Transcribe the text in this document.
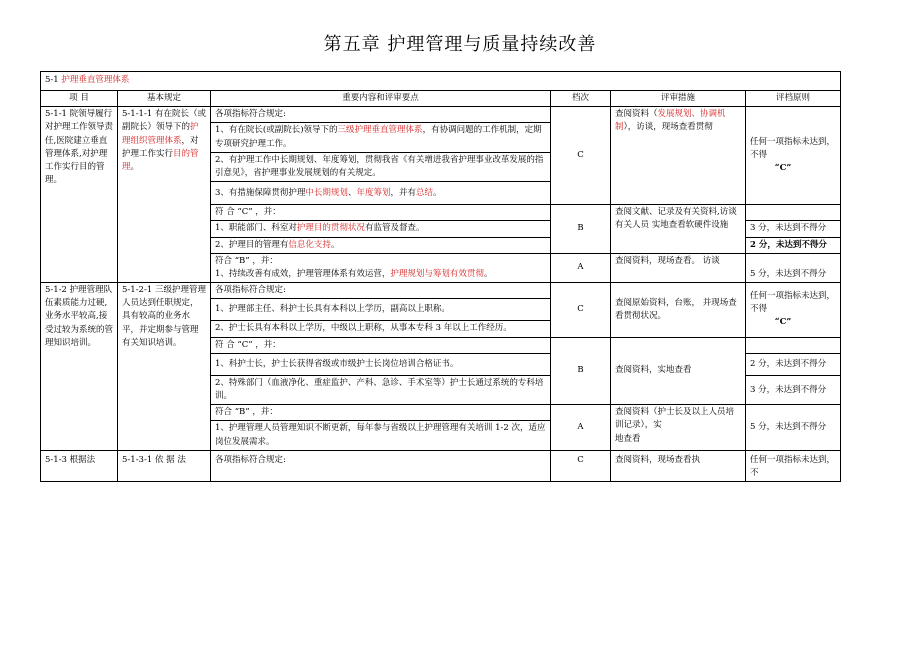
第五章 护理管理与质量持续改善
5-1 护理垂直管理体系					
项 目	基本规定	重要内容和评审要点	档次	评审措施	评档原则
5-1-1 院领导履行对护理工作领导责任,医院建立垂直管理体系,对护理工作实行目的管理。	5-1-1-1 有在院长（或副院长）领导下的护理组织管理体系，对护理工作实行目的管理。	各项指标符合规定:	C	查阅资料（发展规划、协调机制），访谈，现场查看贯彻	任何一项指标未达到，不得
“C”

		1、有在院长(或副院长)领导下的三级护理垂直管理体系，有协调问题的工作机制，定期专项研究护理工作。			
		2、有护理工作中长期规划、年度筹划，贯彻我省《有关增进我省护理事业改革发展的指引意见》，省护理事业发展规划的有关规定。			
		3、有措施保障贯彻护理中长期规划、年度筹划，并有总结。			
		符 合 “C” ，并：	B	查阅文献、记录及有关资料,访谈有关人员 实地查看软硬件设施	
		1、职能部门、科室对护理目的贯彻状况有监管及督查。			3 分，未达到不得分
		2、护理目的管理有信息化支持。			2 分，未达到不得分
		符合 “B” ，并：
1、持续改善有成效，护理管理体系有效运营，护理规划与筹划有效贯彻。	A	查阅资料，现场查看。 访谈	5 分，未达到不得分
5-1-2 护理管理队伍素质能力过硬,业务水平较高,接受过较为系统的管理知识培训。	5-1-2-1 三级护理管理人员达到任职规定，具有较高的业务水平，并定期参与管理有关知识培训。	各项指标符合规定:	C	查阅原始资料，台账， 并现场查看贯彻状况。	任何一项指标未达到，不得
“C”

		1、护理部主任、科护士长具有本科以上学历，副高以上职称。			
		2、护士长具有本科以上学历，中级以上职称，从事本专科 3 年以上工作经历。			
		符 合 “C” ，并：	B	查阅资料，实地查看	
		1、科护士长，护士长获得省级或市级护士长岗位培训合格证书。			2 分，未达到不得分
		2、特殊部门（血液净化、重症监护、产科、急诊、手术室等）护士长通过系统的专科培训。			3 分，未达到不得分
		符合 “B” ，并：	A	查阅资料（护士长及以上人员培训记录），实
地查看	5 分，未达到不得分
		1、护理管理人员管理知识不断更新，每年参与省级以上护理管理有关培训 1-2 次，适应岗位发展需求。			
5-1-3 根据法	5-1-3-1 依 据 法	各项指标符合规定:	C	查阅资料，现场查看执	任何一项指标未达到，不
